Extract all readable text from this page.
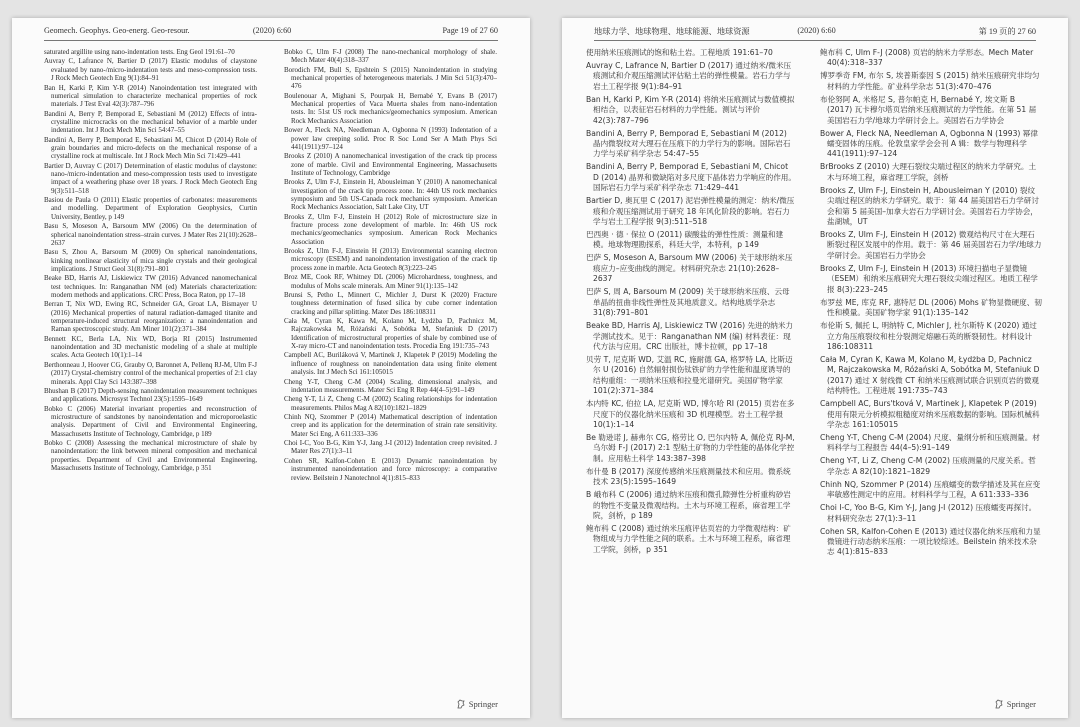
Geomech. Geophys. Geo-energ. Geo-resour.	(2020) 6:60	Page 19 of 27 60
saturated argillite using nano-indentation tests. Eng Geol 191:61–70
Auvray C, Lafrance N, Bartier D (2017) Elastic modulus of claystone evaluated by nano-/micro-indentation tests and meso-compression tests. J Rock Mech Geotech Eng 9(1):84–91
Ban H, Karki P, Kim Y-R (2014) Nanoindentation test integrated with numerical simulation to characterize mechanical properties of rock materials. J Test Eval 42(3):787–796
Bandini A, Berry P, Bemporad E, Sebastiani M (2012) Effects of intra-crystalline microcracks on the mechanical behavior of a marble under indentation. Int J Rock Mech Min Sci 54:47–55
Bandini A, Berry P, Bemporad E, Sebastiani M, Chicot D (2014) Role of grain boundaries and micro-defects on the mechanical response of a crystalline rock at multiscale. Int J Rock Mech Min Sci 71:429–441
Bartier D, Auvray C (2017) Determination of elastic modulus of claystone: nano-/micro-indentation and meso-compression tests used to investigate impact of a weathering phase over 18 years. J Rock Mech Geotech Eng 9(3):511–518
Basiou de Paula O (2011) Elastic properties of carbonates: measurements and modelling. Department of Exploration Geophysics, Curtin University, Bentley, p 149
Basu S, Moseson A, Barsoum MW (2006) On the determination of spherical nanoindentation stress–strain curves. J Mater Res 21(10):2628–2637
Basu S, Zhou A, Barsoum M (2009) On spherical nanoindentations, kinking nonlinear elasticity of mica single crystals and their geological implications. J Struct Geol 31(8):791–801
Beake BD, Harris AJ, Liskiewicz TW (2016) Advanced nanomechanical test techniques. In: Ranganathan NM (ed) Materials characterization: modern methods and applications. CRC Press, Boca Raton, pp 17–18
Berran T, Nix WD, Ewing RC, Schneider GA, Groat LA, Bismayer U (2016) Mechanical properties of natural radiation-damaged titanite and temperature-induced structural reorganization: a nanoindentation and Raman spectroscopic study. Am Miner 101(2):371–384
Bennett KC, Berla LA, Nix WD, Borja RI (2015) Instrumented nanoindentation and 3D mechanistic modeling of a shale at multiple scales. Acta Geotech 10(1):1–14
Berthonneau J, Hoover CG, Grauby O, Baronnet A, Pellenq RJ-M, Ulm F-J (2017) Crystal-chemistry control of the mechanical properties of 2:1 clay minerals. Appl Clay Sci 143:387–398
Bhushan B (2017) Depth-sensing nanoindentation measurement techniques and applications. Microsyst Technol 23(5):1595–1649
Bobko C (2006) Material invariant properties and reconstruction of microstructure of sandstones by nanoindentation and microporoelastic analysis. Department of Civil and Environmental Engineering, Massachusetts Institute of Technology, Cambridge, p 189
Bobko C (2008) Assessing the mechanical microstructure of shale by nanoindentation: the link between mineral composition and mechanical properties. Department of Civil and Environmental Engineering, Massachusetts Institute of Technology, Cambridge, p 351
Bobko C, Ulm F-J (2008) The nano-mechanical morphology of shale. Mech Mater 40(4):318–337
Borodich FM, Bull S, Epshtein S (2015) Nanoindentation in studying mechanical properties of heterogeneous materials. J Min Sci 51(3):470–476
Boulenouar A, Mighani S, Pourpak H, Bernabé Y, Evans B (2017) Mechanical properties of Vaca Muerta shales from nano-indentation tests. In: 51st US rock mechanics/geomechanics symposium. American Rock Mechanics Association
Bower A, Fleck NA, Needleman A, Ogbonna N (1993) Indentation of a power law creeping solid. Proc R Soc Lond Ser A Math Phys Sci 441(1911):97–124
Brooks Z (2010) A nanomechanical investigation of the crack tip process zone of marble. Civil and Environmental Engineering, Massachusetts Institute of Technology, Cambridge
Brooks Z, Ulm F-J, Einstein H, Abousleiman Y (2010) A nanomechanical investigation of the crack tip process zone. In: 44th US rock mechanics symposium and 5th US-Canada rock mechanics symposium. American Rock Mechanics Association, Salt Lake City, UT
Brooks Z, Ulm F-J, Einstein H (2012) Role of microstructure size in fracture process zone development of marble. In: 46th US rock mechanics/geomechanics symposium. American Rock Mechanics Association
Brooks Z, Ulm F-J, Einstein H (2013) Environmental scanning electron microscopy (ESEM) and nanoindentation investigation of the crack tip process zone in marble. Acta Geotech 8(3):223–245
Broz ME, Cook RF, Whitney DL (2006) Microhardness, toughness, and modulus of Mohs scale minerals. Am Miner 91(1):135–142
Brunsi S, Petho L, Minnert C, Michler J, Durst K (2020) Fracture toughness determination of fused silica by cube corner indentation cracking and pillar splitting. Mater Des 186:108311
Cała M, Cyran K, Kawa M, Kolano M, Łydżba D, Pachnicz M, Rajczakowska M, Różański A, Sobótka M, Stefaniuk D (2017) Identification of microstructural properties of shale by combined use of X-ray micro-CT and nanoindentation tests. Procedia Eng 191:735–743
Campbell AC, Buriláková V, Martinek J, Klapetek P (2019) Modeling the influence of roughness on nanoindentation data using finite element analysis. Int J Mech Sci 161:105015
Cheng Y-T, Cheng C-M (2004) Scaling, dimensional analysis, and indentation measurements. Mater Sci Eng R Rep 44(4–5):91–149
Cheng Y-T, Li Z, Cheng C-M (2002) Scaling relationships for indentation measurements. Philos Mag A 82(10):1821–1829
Chinh NQ, Szommer P (2014) Mathematical description of indentation creep and its application for the determination of strain rate sensitivity. Mater Sci Eng, A 611:333–336
Choi I-C, Yoo B-G, Kim Y-J, Jang J-I (2012) Indentation creep revisited. J Mater Res 27(1):3–11
Cohen SR, Kalfon-Cohen E (2013) Dynamic nanoindentation by instrumented nanoindentation and force microscopy: a comparative review. Beilstein J Nanotechnol 4(1):815–833
Springer
地球力学、地球物理、地球能源、地球资源	(2020) 6:60	第 19 页的 27 60
使用纳米压痕测试的饱和粘土岩。工程地质 191:61–70
Auvray C, Lafrance N, Bartier D (2017) 通过纳米/微米压痕测试和介观压缩测试评估粘土岩的弹性模量。岩石力学与岩土工程学报 9(1):84–91
Ban H, Karki P, Kim Y-R (2014) 将纳米压痕测试与数值模拟相结合，以表征岩石材料的力学性能。测试与评价 42(3):787–796
Bandini A, Berry P, Bemporad E, Sebastiani M (2012) 晶内微裂纹对大理石在压痕下的力学行为的影响。国际岩石力学与采矿科学杂志 54:47–55
Bandini A, Berry P, Bemporad E, Sebastiani M, Chicot D (2014) 晶界和微缺陷对多尺度下晶体岩力学响应的作用。国际岩石力学与采矿科学杂志 71:429–441
Bartier D, 奥瓦里 C (2017) 泥岩弹性模量的测定：纳米/微压痕和介观压缩测试用于研究 18 年风化阶段的影响。岩石力学与岩土工程学报 9(3):511–518
巴西奥 · 德 · 保拉 O (2011) 碳酸盐的弹性性质：测量和建模。地球物理勘探系，科廷大学，本特利，p 149
巴萨 S, Moseson A, Barsoum MW (2006) 关于球形纳米压痕应力–应变曲线的测定。材料研究杂志 21(10):2628–2637
巴萨 S, 周 A, Barsoum M (2009) 关于球形纳米压痕、云母单晶的扭曲非线性弹性及其地质意义。结构地质学杂志 31(8):791–801
Beake BD, Harris AJ, Liskiewicz TW (2016) 先进的纳米力学测试技术。见于：Ranganathan NM (编) 材料表征：现代方法与应用。CRC 出版社，博卡拉顿，pp 17–18
贝劳 T, 尼克斯 WD, 艾温 RC, 施耐德 GA, 格罗特 LA, 比斯迈尔 U (2016) 自然辐射损伤钛铁矿的力学性能和温度诱导的结构重组：一项纳米压痕和拉曼光谱研究。美国矿物学家 101(2):371–384
本内特 KC, 伯拉 LA, 尼克斯 WD, 博尔哈 RI (2015) 页岩在多尺度下的仪器化纳米压痕和 3D 机理模型。岩土工程学报 10(1):1–14
Be 勒逊诺 J, 赫弗尔 CG, 格劳比 O, 巴尔内特 A, 佩伦克 RJ-M, 乌尔姆 F-J (2017) 2:1 型粘土矿物的力学性能的晶体化学控制。应用粘土科学 143:387–398
布什曼 B (2017) 深度传感纳米压痕测量技术和应用。微系统技术 23(5):1595–1649
B 峨布科 C (2006) 通过纳米压痕和微孔隙弹性分析重构砂岩的物性不变量及微观结构。土木与环境工程系，麻省理工学院，剑桥，p 189
鲍布科 C (2008) 通过纳米压痕评估页岩的力学微观结构：矿物组成与力学性能之间的联系。土木与环境工程系，麻省理工学院，剑桥，p 351
鲍布科 C, Ulm F-J (2008) 页岩的纳米力学形态。Mech Mater 40(4):318–337
博罗季奇 FM, 布尔 S, 埃普斯泰因 S (2015) 纳米压痕研究非均匀材料的力学性能。矿业科学杂志 51(3):470–476
布伦努阿 A, 米格尼 S, 普尔帕克 H, Bernabé Y, 埃文斯 B (2017) 瓦卡穆尔塔页岩纳米压痕测试的力学性能。在第 51 届美国岩石力学/地球力学研讨会上。美国岩石力学协会
Bower A, Fleck NA, Needleman A, Ogbonna N (1993) 幂律蠕变固体的压痕。伦敦皇家学会会刊 A 辑：数学与物理科学 441(1911):97–124
BrBrooks Z (2010) 大理石裂纹尖端过程区的纳米力学研究。土木与环境工程，麻省理工学院，剑桥
Brooks Z, Ulm F-J, Einstein H, Abousleiman Y (2010) 裂纹尖端过程区的纳米力学研究。载于：第 44 届美国岩石力学研讨会和第 5 届美国–加拿大岩石力学研讨会。美国岩石力学协会，盐湖城，UT
Brooks Z, Ulm F-J, Einstein H (2012) 微观结构尺寸在大理石断裂过程区发展中的作用。载于：第 46 届美国岩石力学/地球力学研讨会。美国岩石力学协会
Brooks Z, Ulm F-J, Einstein H (2013) 环境扫描电子显微镜（ESEM）和纳米压痕研究大理石裂纹尖端过程区。地质工程学报 8(3):223–245
布罗兹 ME, 库克 RF, 惠特尼 DL (2006) Mohs 矿物显微硬度、韧性和模量。美国矿物学家 91(1):135–142
布伦斯 S, 佩托 L, 明纳特 C, Michler J, 杜尔斯特 K (2020) 通过立方角压痕裂纹和柱分裂测定熔融石英的断裂韧性。材料设计 186:108311
Cała M, Cyran K, Kawa M, Kolano M, Łydżba D, Pachnicz M, Rajczakowska M, Różański A, Sobótka M, Stefaniuk D (2017) 通过 X 射线微 CT 和纳米压痕测试联合识别页岩的微观结构特性。工程进展 191:735–743
Campbell AC, Burs'tková V, Martinek J, Klapetek P (2019) 使用有限元分析模拟粗糙度对纳米压痕数据的影响。国际机械科学杂志 161:105015
Cheng Y-T, Cheng C-M (2004) 尺度、量纲分析和压痕测量。材料科学与工程报告 44(4–5):91–149
Cheng Y-T, Li Z, Cheng C-M (2002) 压痕测量的尺度关系。哲学杂志 A 82(10):1821–1829
Chinh NQ, Szommer P (2014) 压痕蠕变的数学描述及其在应变率敏感性测定中的应用。材料科学与工程，A 611:333–336
Choi I-C, Yoo B-G, Kim Y-J, Jang J-I (2012) 压痕蠕变再探讨。材料研究杂志 27(1):3–11
Cohen SR, Kalfon-Cohen E (2013) 通过仪器化纳米压痕和力显微镜进行动态纳米压痕：一项比较综述。Beilstein 纳米技术杂志 4(1):815–833
Springer
